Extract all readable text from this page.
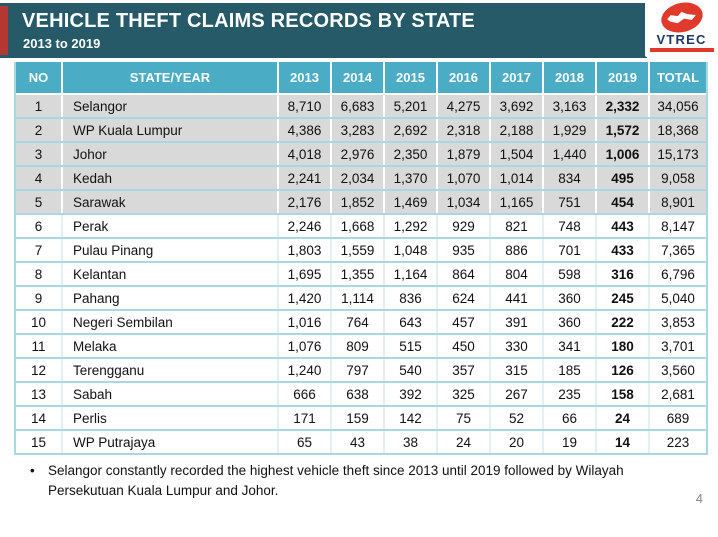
VEHICLE THEFT CLAIMS RECORDS BY STATE
2013 to 2019	VTREC
NO	STATE/YEAR	2013	2014	2015	2016	2017	2018	2019	TOTAL
1	Selangor	8,710	6,683	5,201	4,275	3,692	3,163	2,332	34,056
2	WP Kuala Lumpur	4,386	3,283	2,692	2,318	2,188	1,929	1,572	18,368
3	Johor	4,018	2,976	2,350	1,879	1,504	1,440	1,006	15,173
4	Kedah	2,241	2,034	1,370	1,070	1,014	834	495	9,058
5	Sarawak	2,176	1,852	1,469	1,034	1,165	751	454	8,901
6	Perak	2,246	1,668	1,292	929	821	748	443	8,147
7	Pulau Pinang	1,803	1,559	1,048	935	886	701	433	7,365
8	Kelantan	1,695	1,355	1,164	864	804	598	316	6,796
9	Pahang	1,420	1,114	836	624	441	360	245	5,040
10	Negeri Sembilan	1,016	764	643	457	391	360	222	3,853
11	Melaka	1,076	809	515	450	330	341	180	3,701
12	Terengganu	1,240	797	540	357	315	185	126	3,560
13	Sabah	666	638	392	325	267	235	158	2,681
14	Perlis	171	159	142	75	52	66	24	689
15	WP Putrajaya	65	43	38	24	20	19	14	223
• Selangor constantly recorded the highest vehicle theft since 2013 until 2019 followed by Wilayah Persekutuan Kuala Lumpur and Johor.
4
